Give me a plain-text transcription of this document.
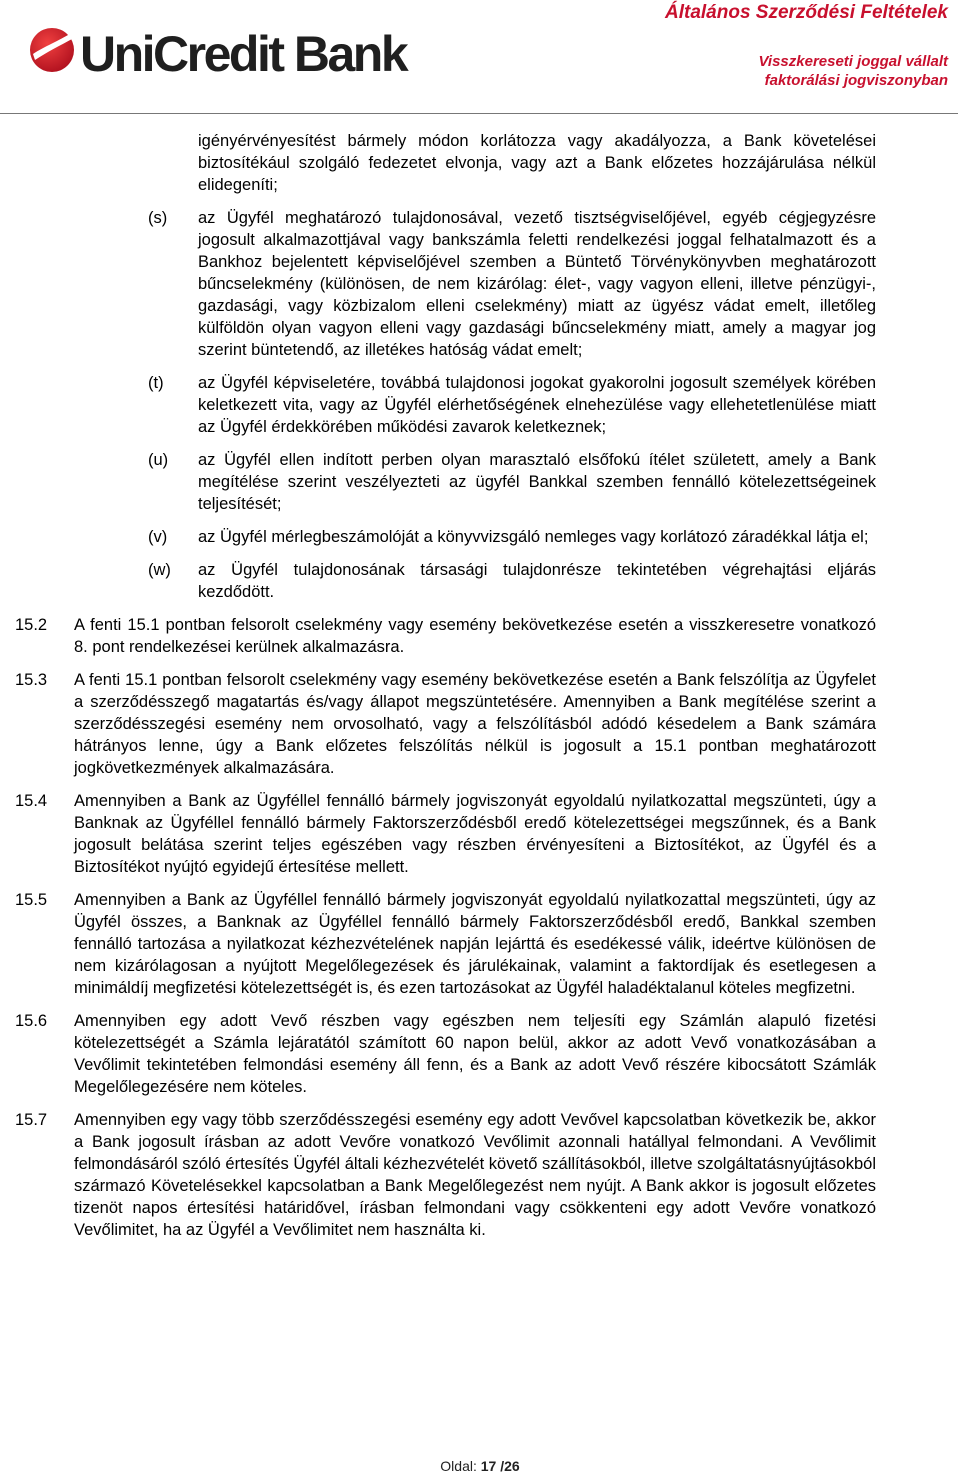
UniCredit Bank
Általános Szerződési Feltételek
Visszkereseti joggal vállalt
faktorálási jogviszonyban
igényérvényesítést bármely módon korlátozza vagy akadályozza, a Bank követelései biztosítékául szolgáló fedezetet elvonja, vagy azt a Bank előzetes hozzájárulása nélkül elidegeníti;
(s) az Ügyfél meghatározó tulajdonosával, vezető tisztségviselőjével, egyéb cégjegyzésre jogosult alkalmazottjával vagy bankszámla feletti rendelkezési joggal felhatalmazott és a Bankhoz bejelentett képviselőjével szemben a Büntető Törvénykönyvben meghatározott bűncselekmény (különösen, de nem kizárólag: élet-, vagy vagyon elleni, illetve pénzügyi-, gazdasági, vagy közbizalom elleni cselekmény) miatt az ügyész vádat emelt, illetőleg külföldön olyan vagyon elleni vagy gazdasági bűncselekmény miatt, amely a magyar jog szerint büntetendő, az illetékes hatóság vádat emelt;
(t) az Ügyfél képviseletére, továbbá tulajdonosi jogokat gyakorolni jogosult személyek körében keletkezett vita, vagy az Ügyfél elérhetőségének elnehezülése vagy ellehetetlenülése miatt az Ügyfél érdekkörében működési zavarok keletkeznek;
(u) az Ügyfél ellen indított perben olyan marasztaló elsőfokú ítélet született, amely a Bank megítélése szerint veszélyezteti az ügyfél Bankkal szemben fennálló kötelezettségeinek teljesítését;
(v) az Ügyfél mérlegbeszámolóját a könyvvizsgáló nemleges vagy korlátozó záradékkal látja el;
(w) az Ügyfél tulajdonosának társasági tulajdonrésze tekintetében végrehajtási eljárás kezdődött.
15.2 A fenti 15.1 pontban felsorolt cselekmény vagy esemény bekövetkezése esetén a visszkeresetre vonatkozó 8. pont rendelkezései kerülnek alkalmazásra.
15.3 A fenti 15.1 pontban felsorolt cselekmény vagy esemény bekövetkezése esetén a Bank felszólítja az Ügyfelet a szerződésszegő magatartás és/vagy állapot megszüntetésére. Amennyiben a Bank megítélése szerint a szerződésszegési esemény nem orvosolható, vagy a felszólításból adódó késedelem a Bank számára hátrányos lenne, úgy a Bank előzetes felszólítás nélkül is jogosult a 15.1 pontban meghatározott jogkövetkezmények alkalmazására.
15.4 Amennyiben a Bank az Ügyféllel fennálló bármely jogviszonyát egyoldalú nyilatkozattal megszünteti, úgy a Banknak az Ügyféllel fennálló bármely Faktorszerződésből eredő kötelezettségei megszűnnek, és a Bank jogosult belátása szerint teljes egészében vagy részben érvényesíteni a Biztosítékot, az Ügyfél és a Biztosítékot nyújtó egyidejű értesítése mellett.
15.5 Amennyiben a Bank az Ügyféllel fennálló bármely jogviszonyát egyoldalú nyilatkozattal megszünteti, úgy az Ügyfél összes, a Banknak az Ügyféllel fennálló bármely Faktorszerződésből eredő, Bankkal szemben fennálló tartozása a nyilatkozat kézhezvételének napján lejárttá és esedékessé válik, ideértve különösen de nem kizárólagosan a nyújtott Megelőlegezések és járulékainak, valamint a faktordíjak és esetlegesen a minimáldíj megfizetési kötelezettségét is, és ezen tartozásokat az Ügyfél haladéktalanul köteles megfizetni.
15.6 Amennyiben egy adott Vevő részben vagy egészben nem teljesíti egy Számlán alapuló fizetési kötelezettségét a Számla lejáratától számított 60 napon belül, akkor az adott Vevő vonatkozásában a Vevőlimit tekintetében felmondási esemény áll fenn, és a Bank az adott Vevő részére kibocsátott Számlák Megelőlegezésére nem köteles.
15.7 Amennyiben egy vagy több szerződésszegési esemény egy adott Vevővel kapcsolatban következik be, akkor a Bank jogosult írásban az adott Vevőre vonatkozó Vevőlimit azonnali hatállyal felmondani. A Vevőlimit felmondásáról szóló értesítés Ügyfél általi kézhezvételét követő szállításokból, illetve szolgáltatásnyújtásokból származó Követelésekkel kapcsolatban a Bank Megelőlegezést nem nyújt. A Bank akkor is jogosult előzetes tizenöt napos értesítési határidővel, írásban felmondani vagy csökkenteni egy adott Vevőre vonatkozó Vevőlimitet, ha az Ügyfél a Vevőlimitet nem használta ki.
Oldal: 17 /26
